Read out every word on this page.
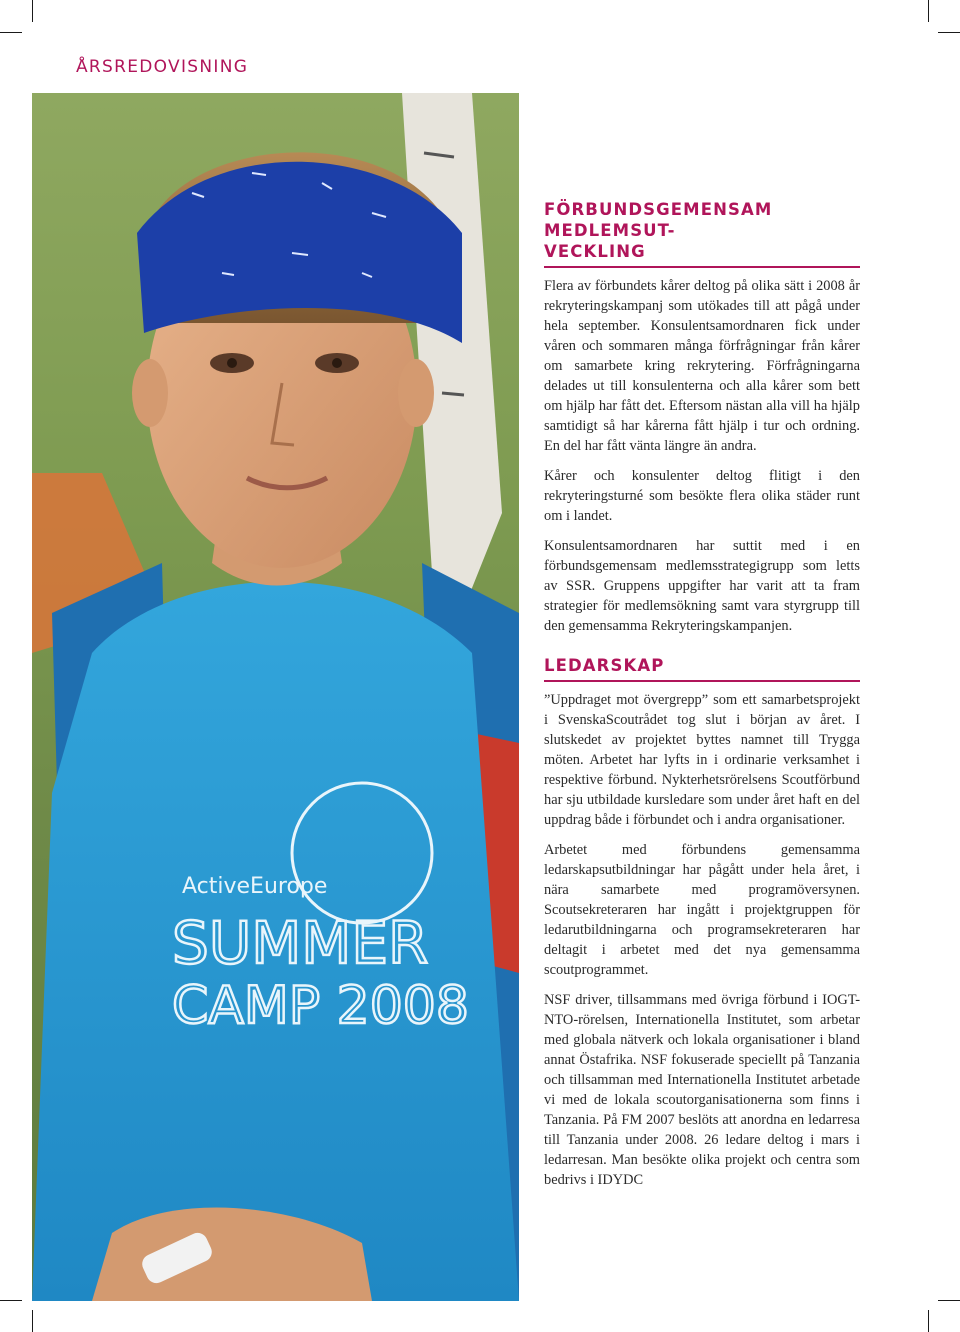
ÅRSREDOVISNING
ActiveEurope
SUMMER
CAMP 2008
FÖRBUNDSGEMENSAM MEDLEMSUT-
VECKLING

Flera av förbundets kårer deltog på olika sätt i 2008 år rekryteringskampanj som utökades till att pågå under hela september. Konsulentsamordnaren fick under våren och sommaren många förfrågningar från kårer om samarbete kring rekrytering. Förfrågningarna delades ut till konsulenterna och alla kårer som bett om hjälp har fått det. Eftersom nästan alla vill ha hjälp samtidigt så har kårerna fått hjälp i tur och ordning. En del har fått vänta längre än andra.

Kårer och konsulenter deltog flitigt i den rekryteringsturné som besökte flera olika städer runt om i landet.

Konsulentsamordnaren har suttit med i en förbundsgemensam medlemsstrategigrupp som letts av SSR. Gruppens uppgifter har varit att ta fram strategier för medlemsökning samt vara styrgrupp till den gemensamma Rekryteringskampanjen.

LEDARSKAP

”Uppdraget mot övergrepp” som ett samarbetsprojekt i SvenskaScoutrådet tog slut i början av året. I slutskedet av projektet byttes namnet till Trygga möten. Arbetet har lyfts in i ordinarie verksamhet i respektive förbund. Nykterhetsrörelsens Scoutförbund har sju utbildade kursledare som under året haft en del uppdrag både i förbundet och i andra organisationer.

Arbetet med förbundens gemensamma ledarskapsutbildningar har pågått under hela året, i nära samarbete med programöversynen. Scoutsekreteraren har ingått i projektgruppen för ledarutbildningarna och programsekreteraren har deltagit i arbetet med det nya gemensamma scoutprogrammet.

NSF driver, tillsammans med övriga förbund i IOGT-NTO-rörelsen, Internationella Institutet, som arbetar med globala nätverk och lokala organisationer i bland annat Östafrika. NSF fokuserade speciellt på Tanzania och tillsamman med Internationella Institutet arbetade vi med de lokala scoutorganisationerna som finns i Tanzania. På FM 2007 beslöts att anordna en ledarresa till Tanzania under 2008. 26 ledare deltog i mars i ledarresan. Man besökte olika projekt och centra som bedrivs i IDYDC
